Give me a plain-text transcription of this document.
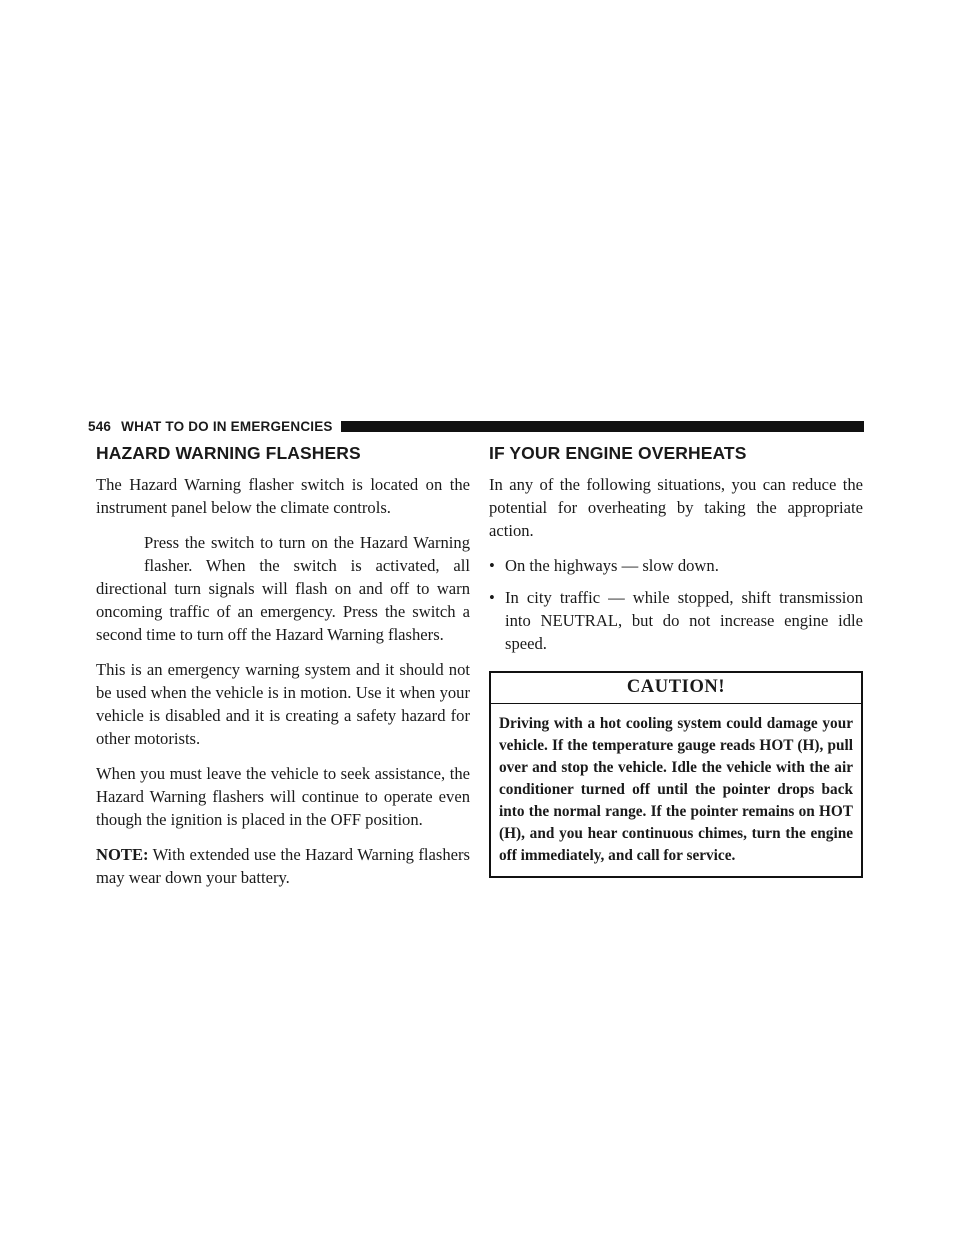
546 WHAT TO DO IN EMERGENCIES
HAZARD WARNING FLASHERS

The Hazard Warning flasher switch is located on the instrument panel below the climate controls.

Press the switch to turn on the Hazard Warning flasher. When the switch is activated, all directional turn signals will flash on and off to warn oncoming traffic of an emergency. Press the switch a second time to turn off the Hazard Warning flashers.

This is an emergency warning system and it should not be used when the vehicle is in motion. Use it when your vehicle is disabled and it is creating a safety hazard for other motorists.

When you must leave the vehicle to seek assistance, the Hazard Warning flashers will continue to operate even though the ignition is placed in the OFF position.

NOTE: With extended use the Hazard Warning flashers may wear down your battery.

IF YOUR ENGINE OVERHEATS

In any of the following situations, you can reduce the potential for overheating by taking the appropriate action.

• On the highways — slow down.
• In city traffic — while stopped, shift transmission into NEUTRAL, but do not increase engine idle speed.
CAUTION!

Driving with a hot cooling system could damage your vehicle. If the temperature gauge reads HOT (H), pull over and stop the vehicle. Idle the vehicle with the air conditioner turned off until the pointer drops back into the normal range. If the pointer remains on HOT (H), and you hear continuous chimes, turn the engine off immediately, and call for service.
